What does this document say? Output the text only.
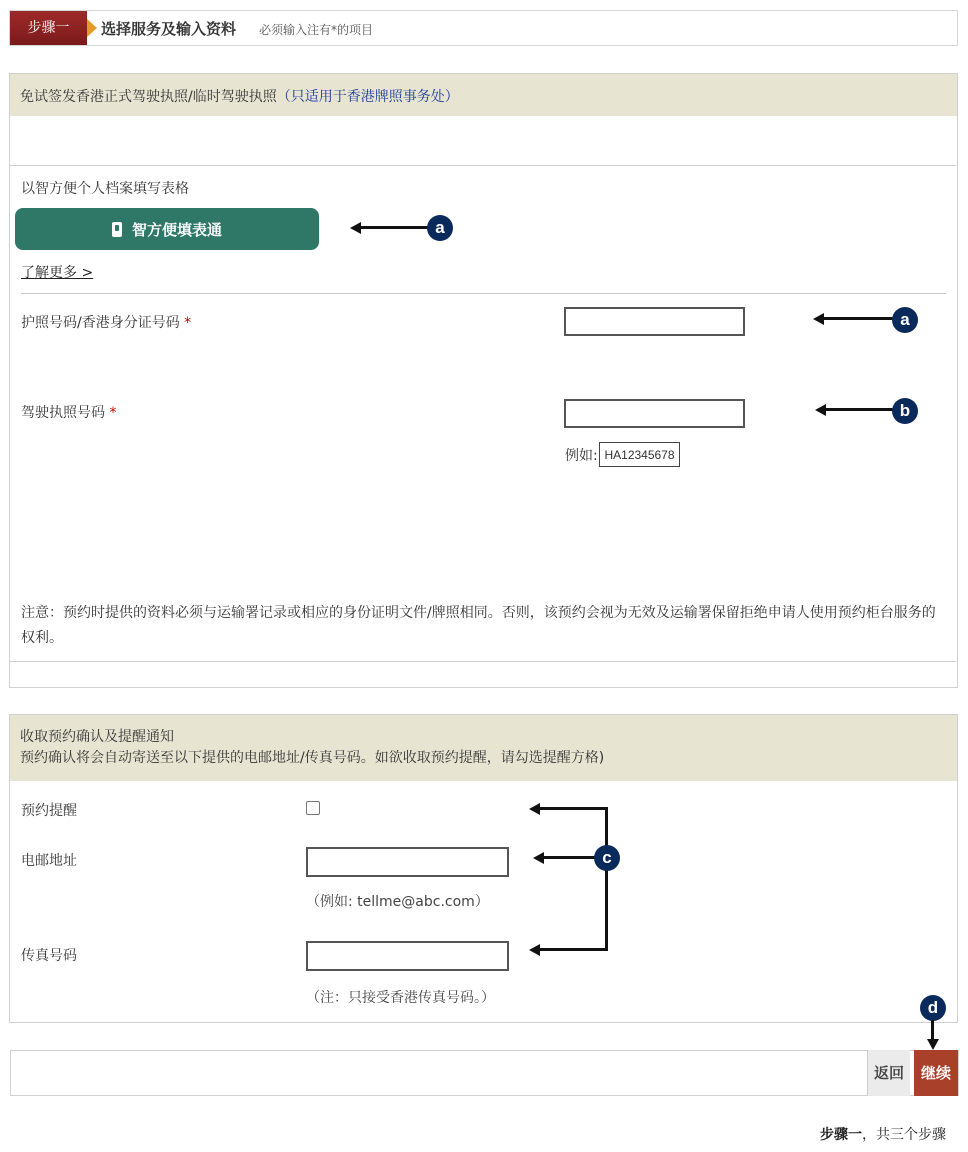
步骤一	选择服务及输入资料 必须输入注有*的项目
免试签发香港正式驾驶执照/临时驾驶执照（只适用于香港牌照事务处）
以智方便个人档案填写表格
智方便填表通
了解更多 >
护照号码/香港身分证号码 *
驾驶执照号码 *
例如: HA12345678
注意：预约时提供的资料必须与运输署记录或相应的身份证明文件/牌照相同。否则，该预约会视为无效及运输署保留拒绝申请人使用预约柜台服务的权利。
收取预约确认及提醒通知
预约确认将会自动寄送至以下提供的电邮地址/传真号码。如欲收取预约提醒，请勾选提醒方格)
预约提醒
电邮地址
（例如: tellme@abc.com）
传真号码
（注：只接受香港传真号码。）
返回	继续
步骤一，共三个步骤
a
a
b
c
d
